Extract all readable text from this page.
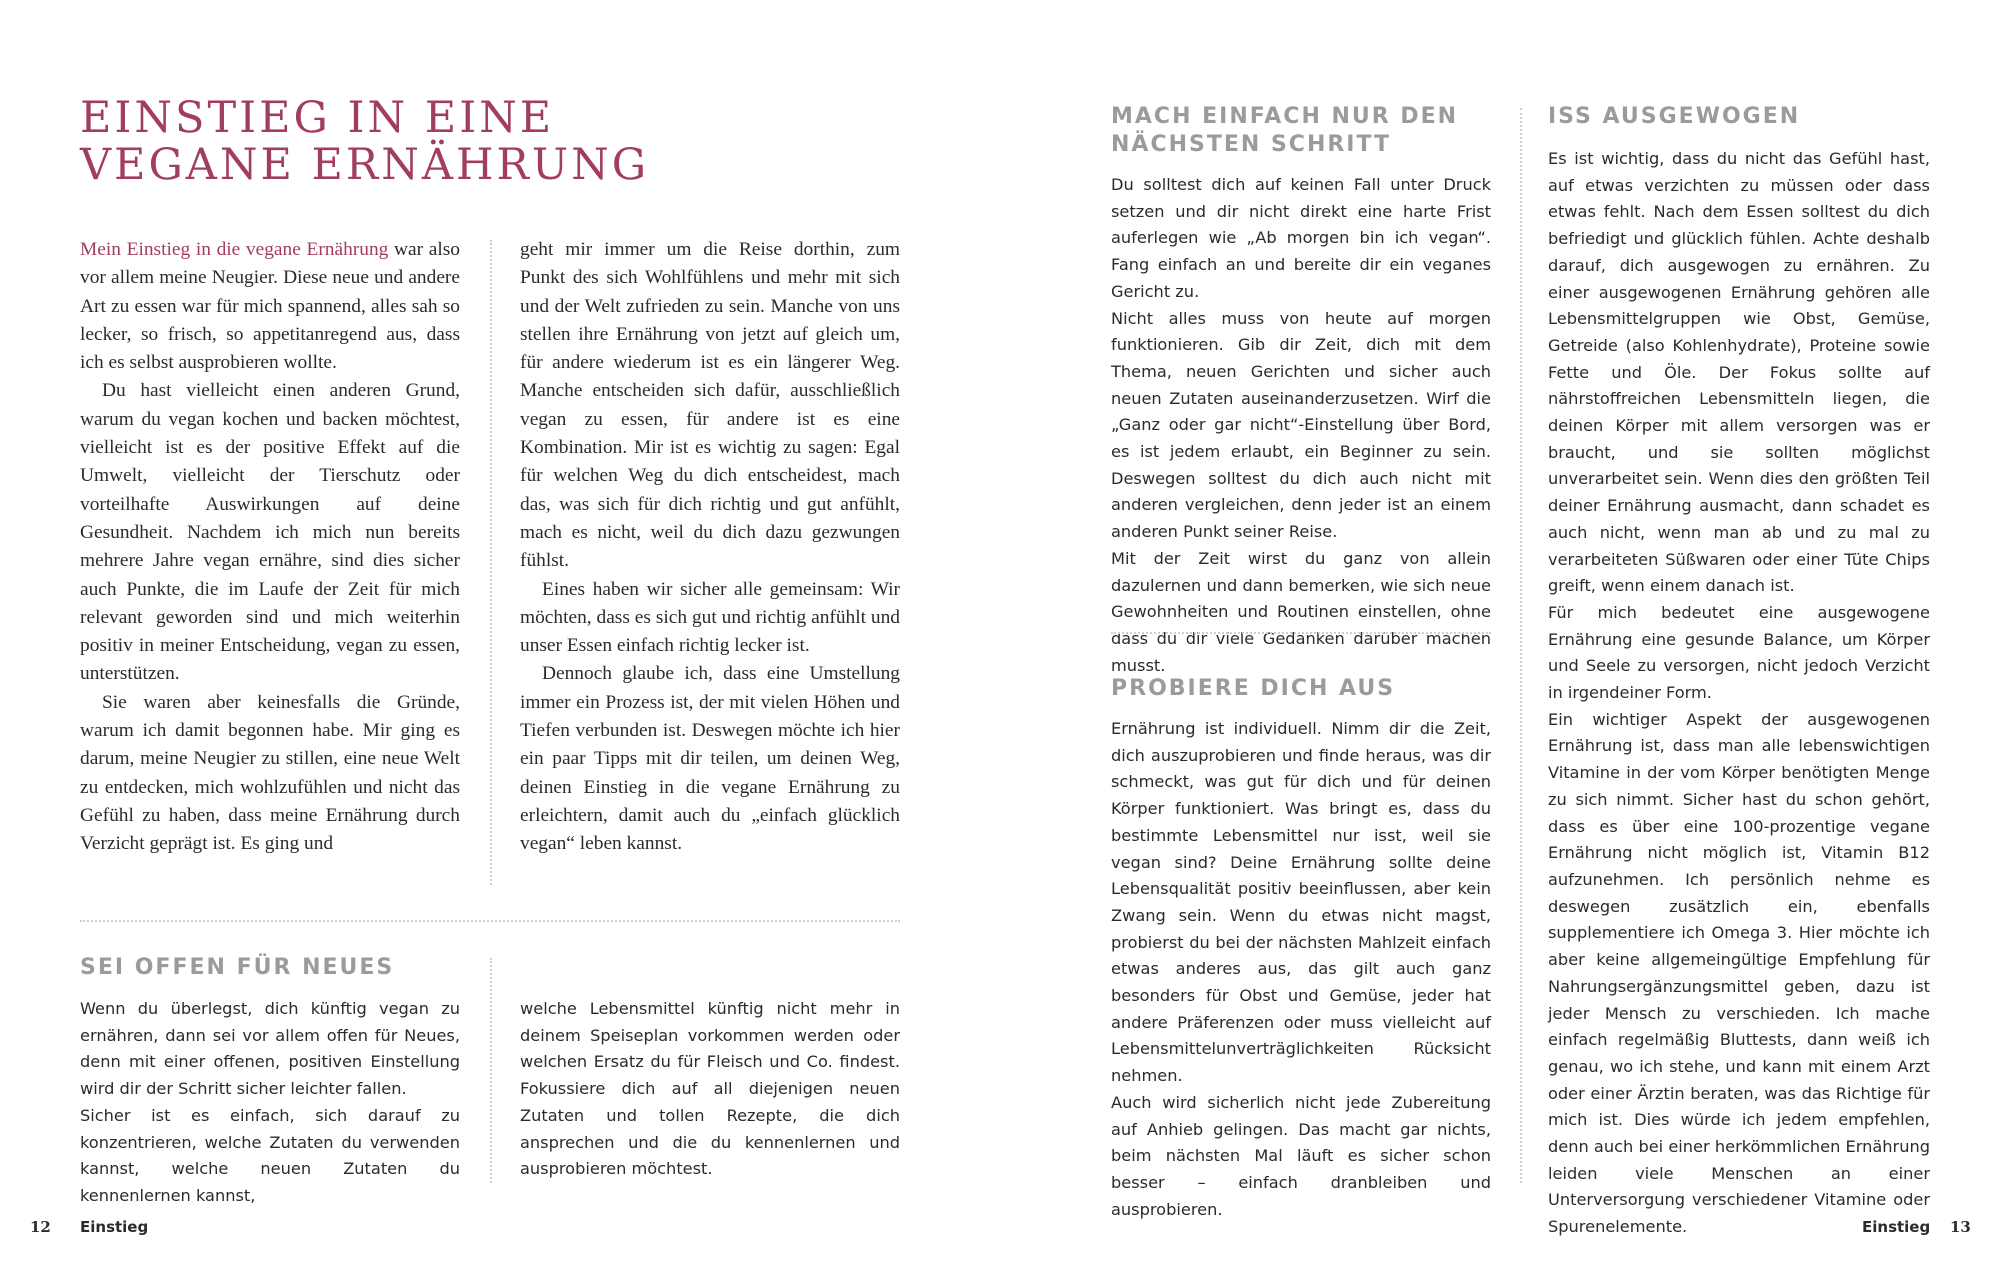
EINSTIEG IN EINE VEGANE ERNÄHRUNG

Mein Einstieg in die vegane Ernährung war also vor allem meine Neugier. Diese neue und andere Art zu essen war für mich spannend, alles sah so lecker, so frisch, so appetitanregend aus, dass ich es selbst ausprobieren wollte.

Du hast vielleicht einen anderen Grund, warum du vegan kochen und backen möchtest, vielleicht ist es der positive Effekt auf die Umwelt, vielleicht der Tierschutz oder vorteilhafte Auswirkungen auf deine Gesundheit. Nachdem ich mich nun bereits mehrere Jahre vegan ernähre, sind dies sicher auch Punkte, die im Laufe der Zeit für mich relevant geworden sind und mich weiterhin positiv in meiner Entscheidung, vegan zu essen, unterstützen.

Sie waren aber keinesfalls die Gründe, warum ich damit begonnen habe. Mir ging es darum, meine Neugier zu stillen, eine neue Welt zu entdecken, mich wohlzufühlen und nicht das Gefühl zu haben, dass meine Ernährung durch Verzicht geprägt ist. Es ging und

geht mir immer um die Reise dorthin, zum Punkt des sich Wohlfühlens und mehr mit sich und der Welt zufrieden zu sein. Manche von uns stellen ihre Ernährung von jetzt auf gleich um, für andere wiederum ist es ein längerer Weg. Manche entscheiden sich dafür, ausschließlich vegan zu essen, für andere ist es eine Kombination. Mir ist es wichtig zu sagen: Egal für welchen Weg du dich entscheidest, mach das, was sich für dich richtig und gut anfühlt, mach es nicht, weil du dich dazu gezwungen fühlst.

Eines haben wir sicher alle gemeinsam: Wir möchten, dass es sich gut und richtig anfühlt und unser Essen einfach richtig lecker ist.

Dennoch glaube ich, dass eine Umstellung immer ein Prozess ist, der mit vielen Höhen und Tiefen verbunden ist. Deswegen möchte ich hier ein paar Tipps mit dir teilen, um deinen Weg, deinen Einstieg in die vegane Ernährung zu erleichtern, damit auch du „einfach glücklich vegan“ leben kannst.

SEI OFFEN FÜR NEUES

Wenn du überlegst, dich künftig vegan zu ernähren, dann sei vor allem offen für Neues, denn mit einer offenen, positiven Einstellung wird dir der Schritt sicher leichter fallen.

Sicher ist es einfach, sich darauf zu konzentrieren, welche Zutaten du verwenden kannst, welche neuen Zutaten du kennenlernen kannst,

welche Lebensmittel künftig nicht mehr in deinem Speiseplan vorkommen werden oder welchen Ersatz du für Fleisch und Co. findest. Fokussiere dich auf all diejenigen neuen Zutaten und tollen Rezepte, die dich ansprechen und die du kennenlernen und ausprobieren möchtest.

12 Einstieg
MACH EINFACH NUR DEN NÄCHSTEN SCHRITT

Du solltest dich auf keinen Fall unter Druck setzen und dir nicht direkt eine harte Frist auferlegen wie „Ab morgen bin ich vegan“. Fang einfach an und bereite dir ein veganes Gericht zu.

Nicht alles muss von heute auf morgen funktionieren. Gib dir Zeit, dich mit dem Thema, neuen Gerichten und sicher auch neuen Zutaten auseinanderzusetzen. Wirf die „Ganz oder gar nicht“-Einstellung über Bord, es ist jedem erlaubt, ein Beginner zu sein. Deswegen solltest du dich auch nicht mit anderen vergleichen, denn jeder ist an einem anderen Punkt seiner Reise.

Mit der Zeit wirst du ganz von allein dazulernen und dann bemerken, wie sich neue Gewohnheiten und Routinen einstellen, ohne dass du dir viele Gedanken darüber machen musst.

PROBIERE DICH AUS

Ernährung ist individuell. Nimm dir die Zeit, dich auszuprobieren und finde heraus, was dir schmeckt, was gut für dich und für deinen Körper funktioniert. Was bringt es, dass du bestimmte Lebensmittel nur isst, weil sie vegan sind? Deine Ernährung sollte deine Lebensqualität positiv beeinflussen, aber kein Zwang sein. Wenn du etwas nicht magst, probierst du bei der nächsten Mahlzeit einfach etwas anderes aus, das gilt auch ganz besonders für Obst und Gemüse, jeder hat andere Präferenzen oder muss vielleicht auf Lebensmittelunverträglichkeiten Rücksicht nehmen.

Auch wird sicherlich nicht jede Zubereitung auf Anhieb gelingen. Das macht gar nichts, beim nächsten Mal läuft es sicher schon besser – einfach dranbleiben und ausprobieren.

ISS AUSGEWOGEN

Es ist wichtig, dass du nicht das Gefühl hast, auf etwas verzichten zu müssen oder dass etwas fehlt. Nach dem Essen solltest du dich befriedigt und glücklich fühlen. Achte deshalb darauf, dich ausgewogen zu ernähren. Zu einer ausgewogenen Ernährung gehören alle Lebensmittelgruppen wie Obst, Gemüse, Getreide (also Kohlenhydrate), Proteine sowie Fette und Öle. Der Fokus sollte auf nährstoffreichen Lebensmitteln liegen, die deinen Körper mit allem versorgen was er braucht, und sie sollten möglichst unverarbeitet sein. Wenn dies den größten Teil deiner Ernährung ausmacht, dann schadet es auch nicht, wenn man ab und zu mal zu verarbeiteten Süßwaren oder einer Tüte Chips greift, wenn einem danach ist.

Für mich bedeutet eine ausgewogene Ernährung eine gesunde Balance, um Körper und Seele zu versorgen, nicht jedoch Verzicht in irgendeiner Form.

Ein wichtiger Aspekt der ausgewogenen Ernährung ist, dass man alle lebenswichtigen Vitamine in der vom Körper benötigten Menge zu sich nimmt. Sicher hast du schon gehört, dass es über eine 100-prozentige vegane Ernährung nicht möglich ist, Vitamin B12 aufzunehmen. Ich persönlich nehme es deswegen zusätzlich ein, ebenfalls supplementiere ich Omega 3. Hier möchte ich aber keine allgemeingültige Empfehlung für Nahrungsergänzungsmittel geben, dazu ist jeder Mensch zu verschieden. Ich mache einfach regelmäßig Bluttests, dann weiß ich genau, wo ich stehe, und kann mit einem Arzt oder einer Ärztin beraten, was das Richtige für mich ist. Dies würde ich jedem empfehlen, denn auch bei einer herkömmlichen Ernährung leiden viele Menschen an einer Unterversorgung verschiedener Vitamine oder Spurenelemente.	Einstieg 13
